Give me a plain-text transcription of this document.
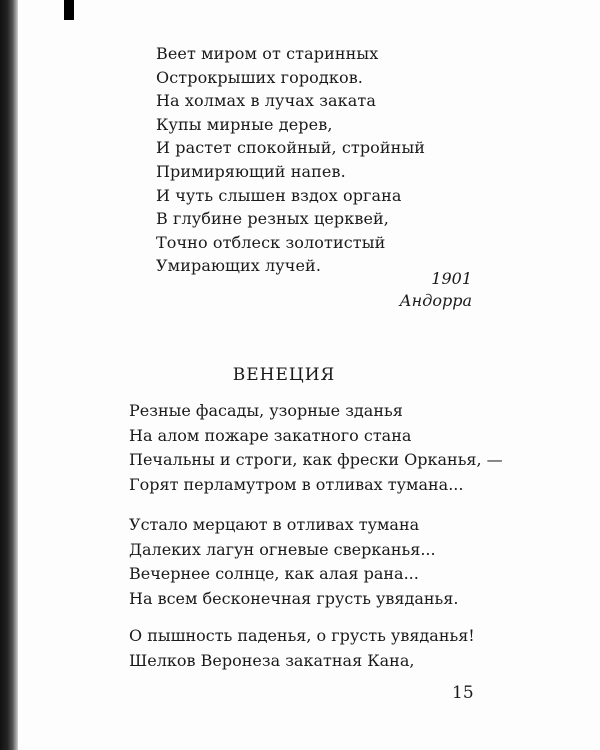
Веет миром от старинных
Острокрыших городков.
На холмах в лучах заката
Купы мирные дерев,
И растет спокойный, стройный
Примиряющий напев.
И чуть слышен вздох органа
В глубине резных церквей,
Точно отблеск золотистый
Умирающих лучей.
1901
Андорра
ВЕНЕЦИЯ
Резные фасады, узорные зданья
На алом пожаре закатного стана
Печальны и строги, как фрески Орканья, —
Горят перламутром в отливах тумана...
Устало мерцают в отливах тумана
Далеких лагун огневые сверканья...
Вечернее солнце, как алая рана...
На всем бесконечная грусть увяданья.
О пышность паденья, о грусть увяданья!
Шелков Веронеза закатная Кана,
15
